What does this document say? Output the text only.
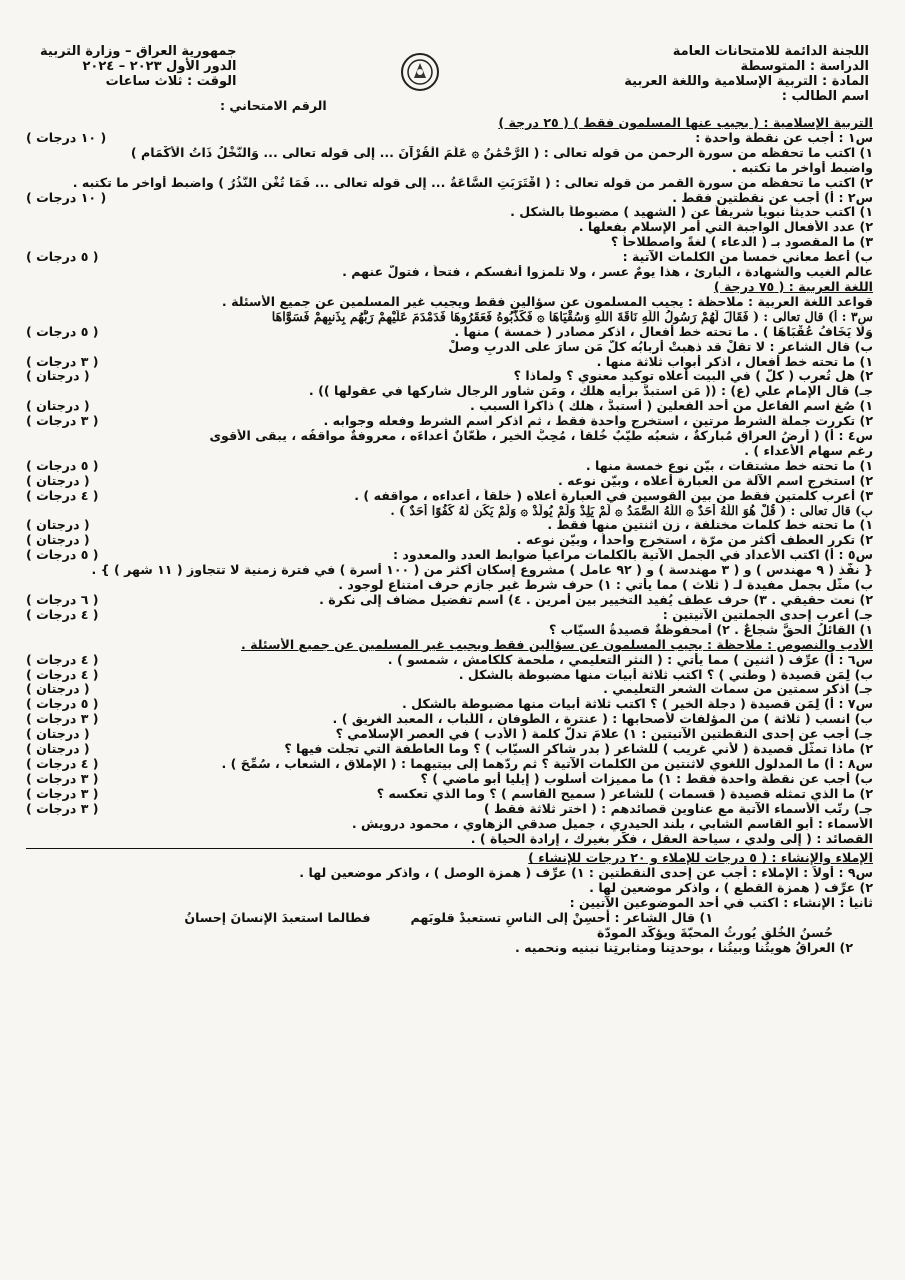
اللجنة الدائمة للامتحانات العامة
الدراسة : المتوسطة
المادة : التربية الإسلامية واللغة العربية
اسم الطالب :
جمهورية العراق – وزارة التربية
الدور الأول ٢٠٢٣ – ٢٠٢٤
الوقت : ثلاث ساعات
الرقم الامتحاني :
التربية الإسلامية : ( يجيب عنها المسلمون فقط ) ( ٢٥ درجة )
س١ : أجب عن نقطة واحدة :
( ١٠ درجات )
١) اكتب ما تحفظه من سورة الرحمن من قوله تعالى : ( الرَّحْمَٰنُ ۞ عَلَّمَ الْقُرْآنَ ... إلى قوله تعالى ... وَالنَّخْلُ ذَاتُ الْأَكْمَامِ )
واضبط أواخر ما تكتبه .
٢) اكتب ما تحفظه من سورة القمر من قوله تعالى : ( اقْتَرَبَتِ السَّاعَةُ ... إلى قوله تعالى ... فَمَا تُغْنِ النُّذُرُ ) واضبط أواخر ما تكتبه .
س٢ : أ) أجب عن نقطتين فقط .
( ١٠ درجات )
١) اكتب حديثاً نبوياً شريفاً عن ( الشهيد ) مضبوطاً بالشكل .
٢) عدد الأفعال الواجبة التي أمر الإسلام بفعلها .
٣) ما المقصود بـ ( الدعاء ) لغةً واصطلاحاً ؟
ب) أعط معاني خمساً من الكلمات الآتية :
( ٥ درجات )
عالم الغيب والشهادة ، البارئ ، هذا يومٌ عسر ، ولا تلمزوا أنفسكم ، فتحاً ، فتولَّ عنهم .
اللغة العربية : ( ٧٥ درجة )
قواعد اللغة العربية : ملاحظة : يجيب المسلمون عن سؤالين فقط ويجيب غير المسلمين عن جميع الأسئلة .
س٣ : أ) قال تعالى : ( فَقَالَ لَهُمْ رَسُولُ اللَّهِ نَاقَةَ اللَّهِ وَسُقْيَاهَا ۞ فَكَذَّبُوهُ فَعَقَرُوهَا فَدَمْدَمَ عَلَيْهِمْ رَبُّهُم بِذَنبِهِمْ فَسَوَّاهَا
وَلَا يَخَافُ عُقْبَاهَا ) . ما تحته خط أفعال ، اذكر مصادر ( خمسة ) منها .
( ٥ درجات )
ب) قال الشاعر : لا تقلْ قد ذهبتْ أربابُه كلُّ مَن سارَ على الدربِ وصلْ
١) ما تحته خط أفعال ، اذكر أبواب ثلاثة منها .
( ٣ درجات )
٢) هل تُعرب ( كلّ ) في البيت أعلاه توكيد معنوي ؟ ولماذا ؟
( درجتان )
جـ) قال الإمام علي (ع) : (( مَن استبدَّ برأيه هلك ، ومَن شاور الرجال شاركها في عقولها )) .
١) صُغ اسم الفاعل من أحد الفعلين ( أستبدَّ ، هلك ) ذاكراً السبب .
( درجتان )
٢) تكررت جملة الشرط مرتين ، استخرج واحدة فقط ، ثم اذكر اسم الشرط وفعله وجوابه .
( ٣ درجات )
س٤ : أ) ( أرضُ العراقِ مُباركةٌ ، شعبُه طيّبٌ خُلقاً ، مُحِبُّ الخيرِ ، طَعّانٌ أعداءَه ، معروفةٌ مواقفُه ، يبقى الأقوى
رغم سهام الأعداء ) .
١) ما تحته خط مشتقات ، بيّن نوع خمسة منها .
( ٥ درجات )
٢) استخرج اسم الآلة من العبارة أعلاه ، وبيّن نوعه .
( درجتان )
٣) أعرب كلمتين فقط من بين القوسين في العبارة أعلاه ( خلقاً ، أعداءه ، مواقفه ) .
( ٤ درجات )
ب) قال تعالى : ( قُلْ هُوَ اللَّهُ أَحَدٌ ۞ اللَّهُ الصَّمَدُ ۞ لَمْ يَلِدْ وَلَمْ يُولَدْ ۞ وَلَمْ يَكُن لَّهُ كُفُوًا أَحَدٌ ) .
١) ما تحته خط كلمات مختلفة ، زِن اثنتين منها فقط .
( درجتان )
٢) تكرر العطف أكثر من مرّة ، استخرج واحداً ، وبيّن نوعه .
( درجتان )
س٥ : أ) اكتب الأعداد في الجمل الآتية بالكلمات مراعياً ضوابط العدد والمعدود :
( ٥ درجات )
{ نفّذ ( ٩ مهندس ) و ( ٣ مهندسة ) و ( ٩٢ عامل ) مشروع إسكان أكثر من ( ١٠٠ أسرة ) في فترة زمنية لا تتجاوز ( ١١ شهر ) } .
ب) مثّل بجمل مفيدة لـ ( ثلاث ) مما يأتي : ١) حرف شرط غير جازم حرف امتناع لوجود .
٢) نعت حقيقي . ٣) حرف عطف يُفيد التخيير بين أمرين . ٤) اسم تفضيل مضاف إلى نكرة .
( ٦ درجات )
جـ) أعرب إحدى الجملتين الآتيتين :
( ٤ درجات )
١) القائلُ الحقَّ شجاعٌ . ٢) أمحفوظةٌ قصيدةُ السيّاب ؟
الأدب والنصوص : ملاحظة : يجيب المسلمون عن سؤالين فقط ويجيب غير المسلمين عن جميع الأسئلة .
س٦ : أ) عرِّف ( اثنين ) مما يأتي : ( النثر التعليمي ، ملحمة كلكامش ، شمسو ) .
( ٤ درجات )
ب) لِمَن قصيدة ( وطني ) ؟ اكتب ثلاثة أبيات منها مضبوطة بالشكل .
( ٤ درجات )
جـ) اذكر سمتين من سمات الشعر التعليمي .
( درجتان )
س٧ : أ) لِمَن قصيدة ( دجلة الخير ) ؟ اكتب ثلاثة أبيات منها مضبوطة بالشكل .
( ٥ درجات )
ب) انسب ( ثلاثة ) من المؤلفات لأصحابها : ( عنترة ، الطوفان ، اللُّباب ، المعبد الغريق ) .
( ٣ درجات )
جـ) أجب عن إحدى النقطتين الآتيتين : ١) علامَ تدلُّ كلمة ( الأدب ) في العصر الإسلامي ؟
( درجتان )
٢) ماذا تمثّل قصيدة ( لأني غريب ) للشاعر ( بدر شاكر السيّاب ) ؟ وما العاطفة التي تجلّت فيها ؟
( درجتان )
س٨ : أ) ما المدلول اللغوي لاثنتين من الكلمات الآتية ؟ ثم ردّهما إلى بيتيهما : ( الإملاق ، الشعاب ، سُمِّحَ ) .
( ٤ درجات )
ب) أجب عن نقطة واحدة فقط : ١) ما مميزات أسلوب ( إيليا أبو ماضي ) ؟
( ٣ درجات )
٢) ما الذي تمثله قصيدة ( قسمات ) للشاعر ( سميح القاسم ) ؟ وما الذي تعكسه ؟
( ٣ درجات )
جـ) رتّب الأسماء الآتية مع عناوين قصائدهم : ( اختر ثلاثة فقط )
( ٣ درجات )
الأسماء : أبو القاسم الشابي ، بلند الحيدري ، جميل صدقي الزهاوي ، محمود درويش .
القصائد : ( إلى ولدي ، سياحة العقل ، فكّر بغيرك ، إرادة الحياة ) .
الإملاء والإنشاء : ( ٥ درجات للإملاء و ٢٠ درجات للإنشاء )
س٩ : أولاً : الإملاء : أجب عن إحدى النقطتين : ١) عرِّف ( همزة الوصل ) ، واذكر موضعين لها .
٢) عرِّف ( همزة القطع ) ، واذكر موضعين لها .
ثانياً : الإنشاء : اكتب في أحد الموضوعين الآتيين :
١) قال الشاعر : أحسِنْ إلى الناسِ تستعبدْ قلوبَهم
فطالما استعبدَ الإنسانَ إحسانُ
حُسنُ الخُلقِ يُورثُ المحبّةَ ويؤكّد المودّة
٢) العراقُ هويتُنا وبيتُنا ، بوحدتِنا ومثابرتِنا نبنيه ونحميه .
